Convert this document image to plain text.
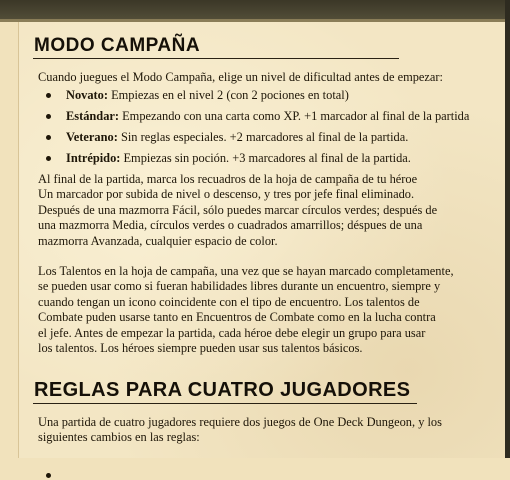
MODO CAMPAÑA

Cuando juegues el Modo Campaña, elige un nivel de dificultad antes de empezar:

Novato: Empiezas en el nivel 2 (con 2 pociones en total)
Estándar: Empezando con una carta como XP. +1 marcador al final de la partida
Veterano: Sin reglas especiales. +2 marcadores al final de la partida.
Intrépido: Empiezas sin poción. +3 marcadores al final de la partida.

Al final de la partida, marca los recuadros de la hoja de campaña de tu héroe
Un marcador por subida de nivel o descenso, y tres por jefe final eliminado.
Después de una mazmorra Fácil, sólo puedes marcar círculos verdes; después de
una mazmorra Media, círculos verdes o cuadrados amarrillos; déspues de una
mazmorra Avanzada, cualquier espacio de color.

Los Talentos en la hoja de campaña, una vez que se hayan marcado completamente,
se pueden usar como si fueran habilidades libres durante un encuentro, siempre y
cuando tengan un icono coincidente con el tipo de encuentro. Los talentos de
Combate puden usarse tanto en Encuentros de Combate como en la lucha contra
el jefe. Antes de empezar la partida, cada héroe debe elegir un grupo para usar
los talentos. Los héroes siempre pueden usar sus talentos básicos.

REGLAS PARA CUATRO JUGADORES

Una partida de cuatro jugadores requiere dos juegos de One Deck Dungeon, y los
siguientes cambios en las reglas:
